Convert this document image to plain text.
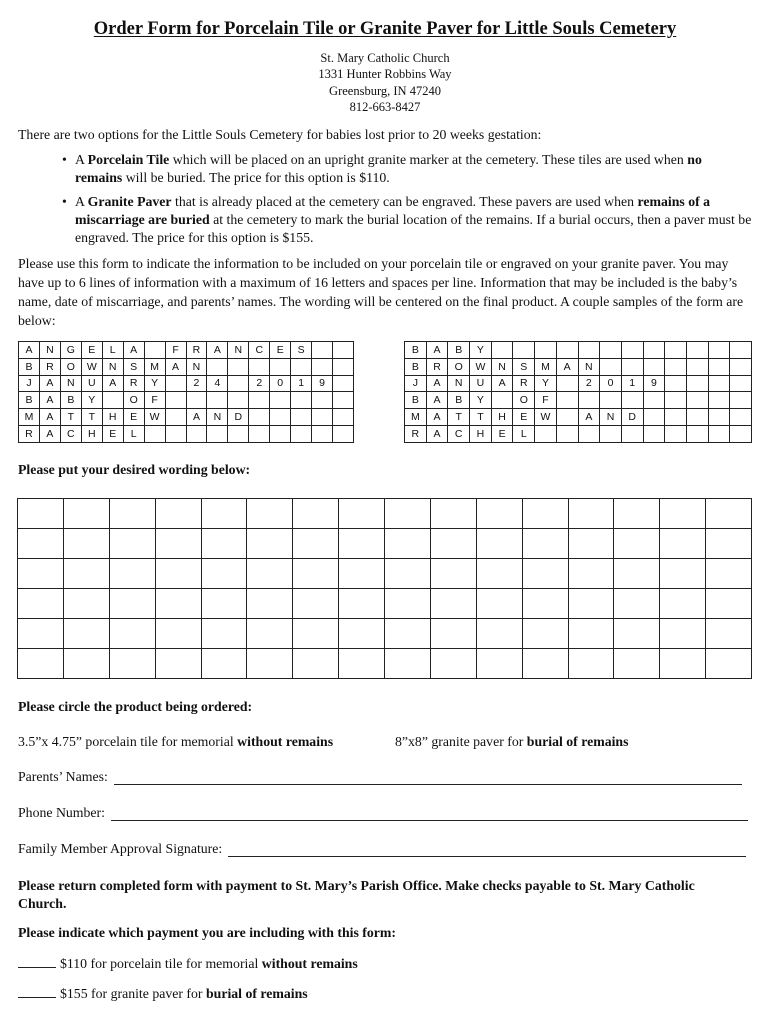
Order Form for Porcelain Tile or Granite Paver for Little Souls Cemetery
St. Mary Catholic Church
1331 Hunter Robbins Way
Greensburg, IN 47240
812-663-8427
There are two options for the Little Souls Cemetery for babies lost prior to 20 weeks gestation:
• A Porcelain Tile which will be placed on an upright granite marker at the cemetery. These tiles are used when no remains will be buried. The price for this option is $110.
• A Granite Paver that is already placed at the cemetery can be engraved. These pavers are used when remains of a miscarriage are buried at the cemetery to mark the burial location of the remains. If a burial occurs, then a paver must be engraved. The price for this option is $155.
Please use this form to indicate the information to be included on your porcelain tile or engraved on your granite paver. You may have up to 6 lines of information with a maximum of 16 letters and spaces per line. Information that may be included is the baby’s name, date of miscarriage, and parents’ names. The wording will be centered on the final product. A couple samples of the form are below:
A	N	G	E	L	A		F	R	A	N	C	E	S		
B	R	O	W	N	S	M	A	N							
J	A	N	U	A	R	Y		2	4		2	0	1	9	
B	A	B	Y		O	F									
M	A	T	T	H	E	W		A	N	D					
R	A	C	H	E	L										
B	A	B	Y												
B	R	O	W	N	S	M	A	N							
J	A	N	U	A	R	Y		2	0	1	9				
B	A	B	Y		O	F									
M	A	T	T	H	E	W		A	N	D					
R	A	C	H	E	L										
Please put your desired wording below:

Please circle the product being ordered:
3.5”x 4.75” porcelain tile for memorial without remains	8”x8” granite paver for burial of remains
Parents’ Names:
Phone Number:
Family Member Approval Signature:
Please return completed form with payment to St. Mary’s Parish Office. Make checks payable to St. Mary Catholic Church.
Please indicate which payment you are including with this form:
$110 for porcelain tile for memorial without remains
$155 for granite paver for burial of remains
